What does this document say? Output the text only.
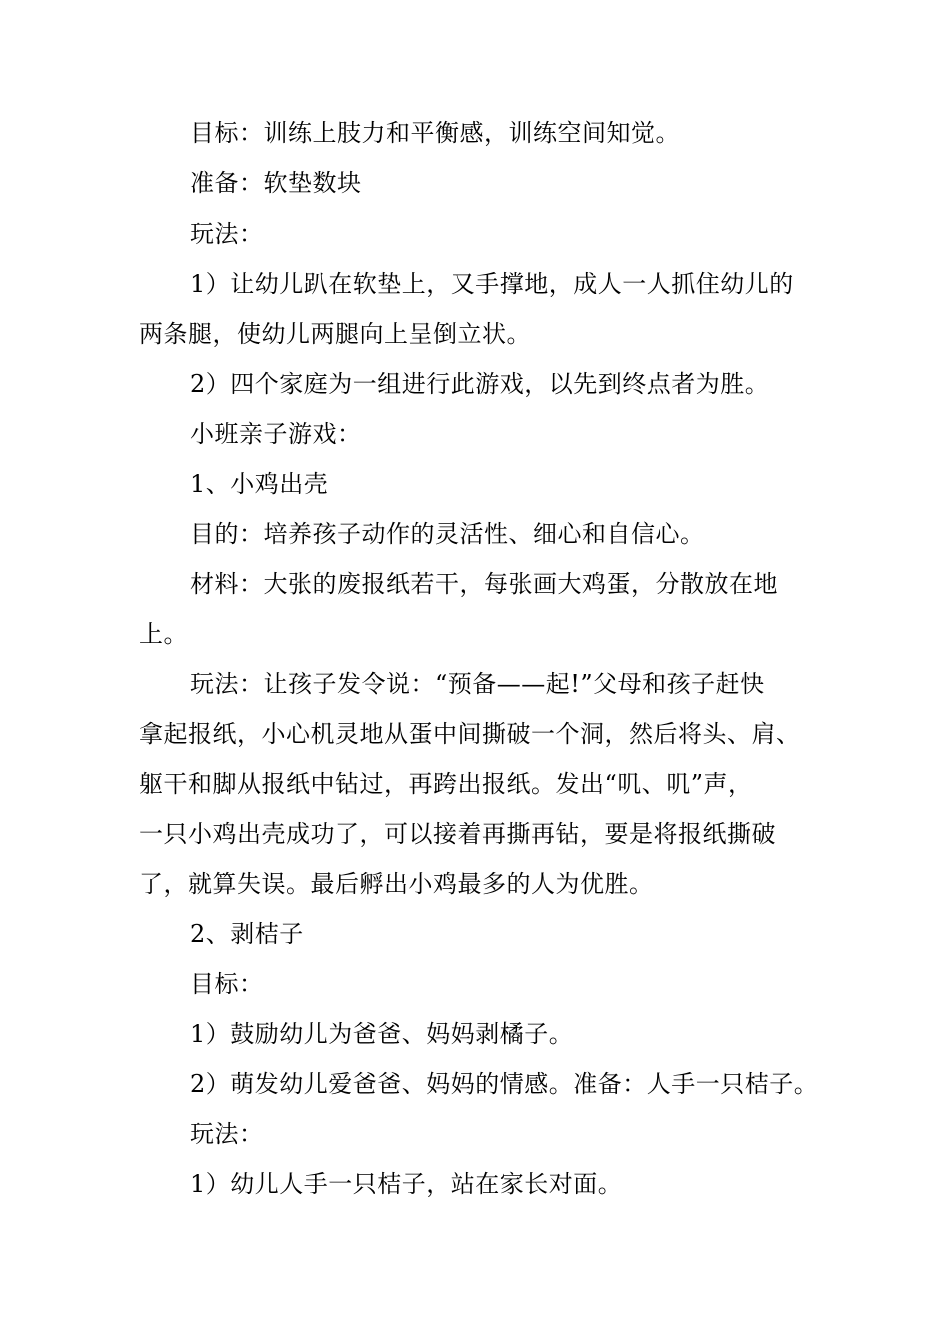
目标：训练上肢力和平衡感，训练空间知觉。
准备：软垫数块
玩法：
1）让幼儿趴在软垫上，又手撑地，成人一人抓住幼儿的
两条腿，使幼儿两腿向上呈倒立状。
2）四个家庭为一组进行此游戏，以先到终点者为胜。
小班亲子游戏：
1、小鸡出壳
目的：培养孩子动作的灵活性、细心和自信心。
材料：大张的废报纸若干，每张画大鸡蛋，分散放在地
上。
玩法：让孩子发令说：“预备——起!”父母和孩子赶快
拿起报纸，小心机灵地从蛋中间撕破一个洞，然后将头、肩、
躯干和脚从报纸中钻过，再跨出报纸。发出“叽、叽”声，
一只小鸡出壳成功了，可以接着再撕再钻，要是将报纸撕破
了，就算失误。最后孵出小鸡最多的人为优胜。
2、剥桔子
目标：
1）鼓励幼儿为爸爸、妈妈剥橘子。
2）萌发幼儿爱爸爸、妈妈的情感。准备：人手一只桔子。
玩法：
1）幼儿人手一只桔子，站在家长对面。
